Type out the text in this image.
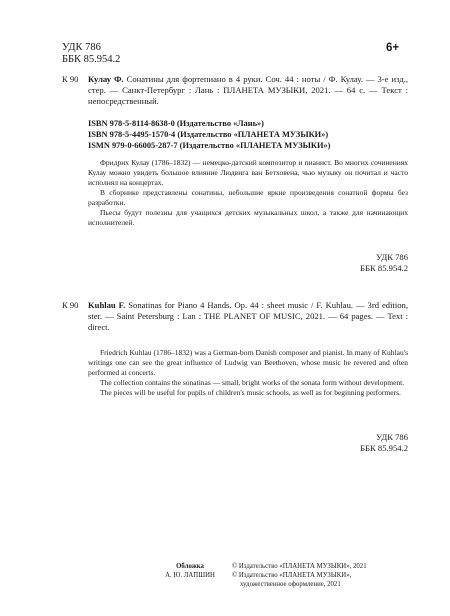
УДК 786
ББК 85.954.2
6+
К 90	Кулау Ф. Сонатины для фортепиано в 4 руки. Соч. 44 : ноты / Ф. Кулау. — 3-е изд., стер. — Санкт-Петербург : Лань : ПЛАНЕТА МУЗЫКИ, 2021. — 64 с. — Текст : непосредственный.
ISBN 978-5-8114-8638-0 (Издательство «Лань»)
ISBN 978-5-4495-1570-4 (Издательство «ПЛАНЕТА МУЗЫКИ»)
ISMN 979-0-66005-287-7 (Издательство «ПЛАНЕТА МУЗЫКИ»)

Фридрих Кулау (1786–1832) — немецко-датский композитор и пианист. Во многих сочинениях Кулау можно увидеть большое влияние Людвига ван Бетховена, чью музыку он почитал и часто исполнял на концертах.

В сборнике представлены сонатины, небольшие яркие произведения сонатной формы без разработки.

Пьесы будут полезны для учащихся детских музыкальных школ, а также для начинающих исполнителей.

УДК 786
ББК 85.954.2
К 90	Kuhlau F. Sonatinas for Piano 4 Hands. Op. 44 : sheet music / F. Kuhlau. — 3rd edition, ster. — Saint Petersburg : Lan : THE PLANET OF MUSIC, 2021. — 64 pages. — Text : direct.

Friedrich Kuhlau (1786–1832) was a German-born Danish composer and pianist. In many of Kuhlau's writings one can see the great influence of Ludwig van Beethoven, whose music he revered and often performed at concerts.

The collection contains the sonatinas — small, bright works of the sonata form without development.

The pieces will be useful for pupils of children's music schools, as well as for beginning performers.

УДК 786
ББК 85.954.2
Обложка
А. Ю. ЛАПШИН
© Издательство «ПЛАНЕТА МУЗЫКИ», 2021
© Издательство «ПЛАНЕТА МУЗЫКИ»,
художественное оформление, 2021
